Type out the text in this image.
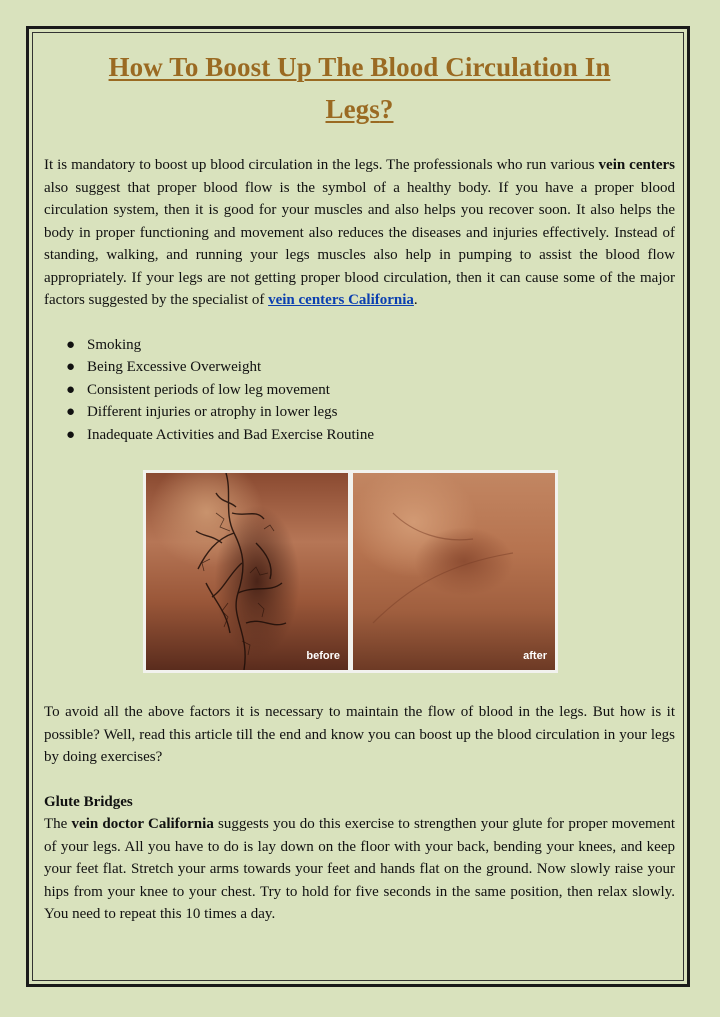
How To Boost Up The Blood Circulation In
Legs?

It is mandatory to boost up blood circulation in the legs. The professionals who run various vein centers also suggest that proper blood flow is the symbol of a healthy body. If you have a proper blood circulation system, then it is good for your muscles and also helps you recover soon. It also helps the body in proper functioning and movement also reduces the diseases and injuries effectively. Instead of standing, walking, and running your legs muscles also help in pumping to assist the blood flow appropriately. If your legs are not getting proper blood circulation, then it can cause some of the major factors suggested by the specialist of vein centers California.

● Smoking
● Being Excessive Overweight
● Consistent periods of low leg movement
● Different injuries or atrophy in lower legs
● Inadequate Activities and Bad Exercise Routine
before	after

To avoid all the above factors it is necessary to maintain the flow of blood in the legs. But how is it possible? Well, read this article till the end and know you can boost up the blood circulation in your legs by doing exercises?

Glute Bridges

The vein doctor California suggests you do this exercise to strengthen your glute for proper movement of your legs. All you have to do is lay down on the floor with your back, bending your knees, and keep your feet flat. Stretch your arms towards your feet and hands flat on the ground. Now slowly raise your hips from your knee to your chest. Try to hold for five seconds in the same position, then relax slowly. You need to repeat this 10 times a day.
